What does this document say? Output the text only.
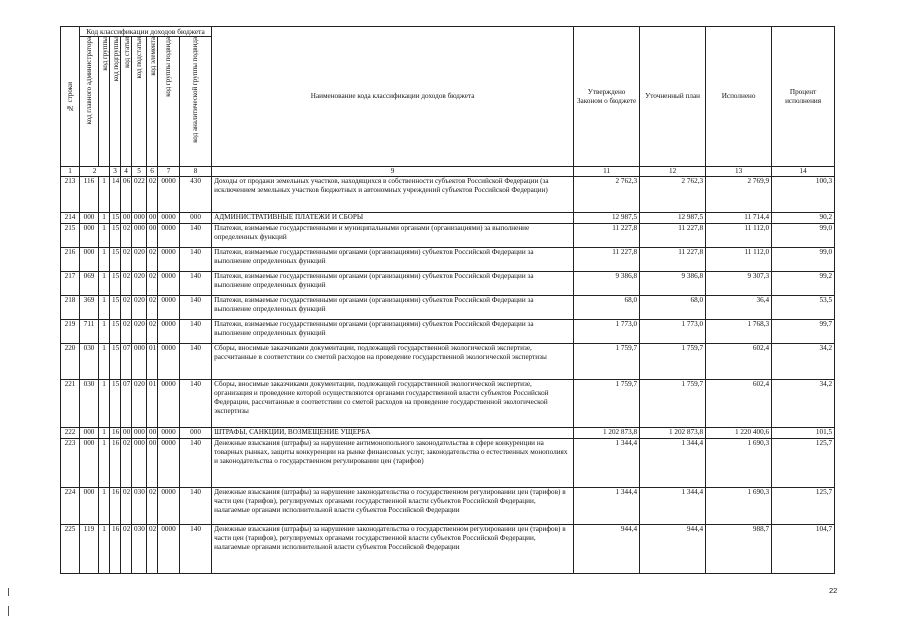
№ строки	Код классификации доходов бюджета								Наименование кода классификации доходов бюджета	Утверждено Законом о бюджете	Уточненный план	Исполнено	Процент исполнения

	код главного администратора	код группы	код подгруппы	код статьи	код подстатьи	код элемента	код группы подвида	код аналитической группы подвида					

1	2		3	4	5	6	7	8	9	11	12	13	14
213	116	1	14	06	022	02	0000	430	Доходы от продажи земельных участков, находящихся в собственности субъектов Российской Федерации (за исключением земельных участков бюджетных и автономных учреждений субъектов Российской Федерации)	2 762,3	2 762,3	2 769,9	100,3
214	000	1	15	00	000	00	0000	000	АДМИНИСТРАТИВНЫЕ ПЛАТЕЖИ И СБОРЫ	12 987,5	12 987,5	11 714,4	90,2
215	000	1	15	02	000	00	0000	140	Платежи, взимаемые государственными и муниципальными органами (организациями) за выполнение определенных функций	11 227,8	11 227,8	11 112,0	99,0
216	000	1	15	02	020	02	0000	140	Платежи, взимаемые государственными органами (организациями) субъектов Российской Федерации за выполнение определенных функций	11 227,8	11 227,8	11 112,0	99,0
217	069	1	15	02	020	02	0000	140	Платежи, взимаемые государственными органами (организациями) субъектов Российской Федерации за выполнение определенных функций	9 386,8	9 386,8	9 307,3	99,2
218	369	1	15	02	020	02	0000	140	Платежи, взимаемые государственными органами (организациями) субъектов Российской Федерации за выполнение определенных функций	68,0	68,0	36,4	53,5
219	711	1	15	02	020	02	0000	140	Платежи, взимаемые государственными органами (организациями) субъектов Российской Федерации за выполнение определенных функций	1 773,0	1 773,0	1 768,3	99,7
220	030	1	15	07	000	01	0000	140	Сборы, вносимые заказчиками документации, подлежащей государственной экологической экспертизе, рассчитанные в соответствии со сметой расходов на проведение государственной экологической экспертизы	1 759,7	1 759,7	602,4	34,2
221	030	1	15	07	020	01	0000	140	Сборы, вносимые заказчиками документации, подлежащей государственной экологической экспертизе, организация и проведение которой осуществляются органами государственной власти субъектов Российской Федерации, рассчитанные в соответствии со сметой расходов на проведение государственной экологической экспертизы	1 759,7	1 759,7	602,4	34,2
222	000	1	16	00	000	00	0000	000	ШТРАФЫ, САНКЦИИ, ВОЗМЕЩЕНИЕ УЩЕРБА	1 202 873,8	1 202 873,8	1 220 400,6	101,5
223	000	1	16	02	000	00	0000	140	Денежные взыскания (штрафы) за нарушение антимонопольного законодательства в сфере конкуренции на товарных рынках, защиты конкуренции на рынке финансовых услуг, законодательства о естественных монополиях и законодательства о государственном регулировании цен (тарифов)	1 344,4	1 344,4	1 690,3	125,7
224	000	1	16	02	030	02	0000	140	Денежные взыскания (штрафы) за нарушение законодательства о государственном регулировании цен (тарифов) в части цен (тарифов), регулируемых органами государственной власти субъектов Российской Федерации, налагаемые органами исполнительной власти субъектов Российской Федерации	1 344,4	1 344,4	1 690,3	125,7
225	119	1	16	02	030	02	0000	140	Денежные взыскания (штрафы) за нарушение законодательства о государственном регулировании цен (тарифов) в части цен (тарифов), регулируемых органами государственной власти субъектов Российской Федерации, налагаемые органами исполнительной власти субъектов Российской Федерации	944,4	944,4	988,7	104,7
22
